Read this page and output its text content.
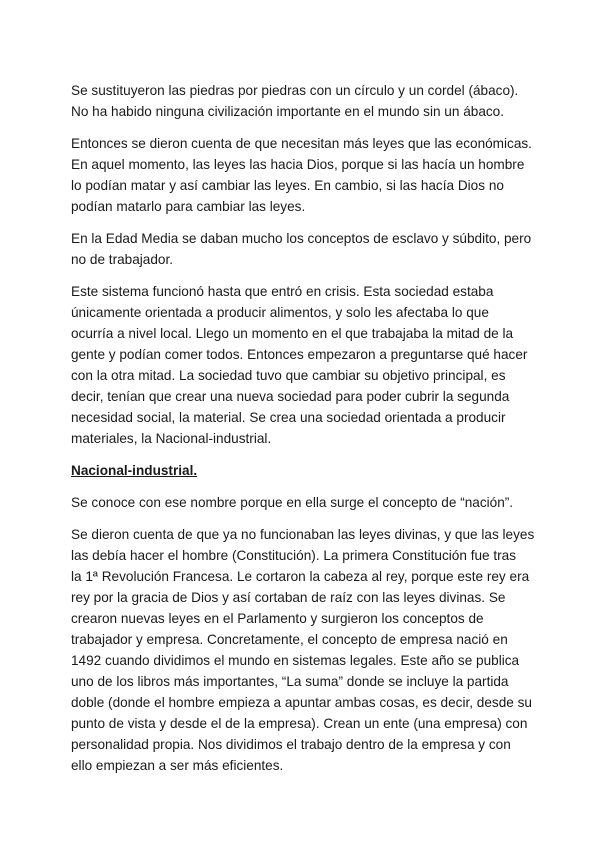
Se sustituyeron las piedras por piedras con un círculo y un cordel (ábaco).
No ha habido ninguna civilización importante en el mundo sin un ábaco.

Entonces se dieron cuenta de que necesitan más leyes que las económicas.
En aquel momento, las leyes las hacia Dios, porque si las hacía un hombre
lo podían matar y así cambiar las leyes. En cambio, si las hacía Dios no
podían matarlo para cambiar las leyes.

En la Edad Media se daban mucho los conceptos de esclavo y súbdito, pero
no de trabajador.

Este sistema funcionó hasta que entró en crisis. Esta sociedad estaba
únicamente orientada a producir alimentos, y solo les afectaba lo que
ocurría a nivel local. Llego un momento en el que trabajaba la mitad de la
gente y podían comer todos. Entonces empezaron a preguntarse qué hacer
con la otra mitad. La sociedad tuvo que cambiar su objetivo principal, es
decir, tenían que crear una nueva sociedad para poder cubrir la segunda
necesidad social, la material. Se crea una sociedad orientada a producir
materiales, la Nacional-industrial.

Nacional-industrial.

Se conoce con ese nombre porque en ella surge el concepto de “nación”.

Se dieron cuenta de que ya no funcionaban las leyes divinas, y que las leyes
las debía hacer el hombre (Constitución). La primera Constitución fue tras
la 1ª Revolución Francesa. Le cortaron la cabeza al rey, porque este rey era
rey por la gracia de Dios y así cortaban de raíz con las leyes divinas. Se
crearon nuevas leyes en el Parlamento y surgieron los conceptos de
trabajador y empresa. Concretamente, el concepto de empresa nació en
1492 cuando dividimos el mundo en sistemas legales. Este año se publica
uno de los libros más importantes, “La suma” donde se incluye la partida
doble (donde el hombre empieza a apuntar ambas cosas, es decir, desde su
punto de vista y desde el de la empresa). Crean un ente (una empresa) con
personalidad propia. Nos dividimos el trabajo dentro de la empresa y con
ello empiezan a ser más eficientes.
